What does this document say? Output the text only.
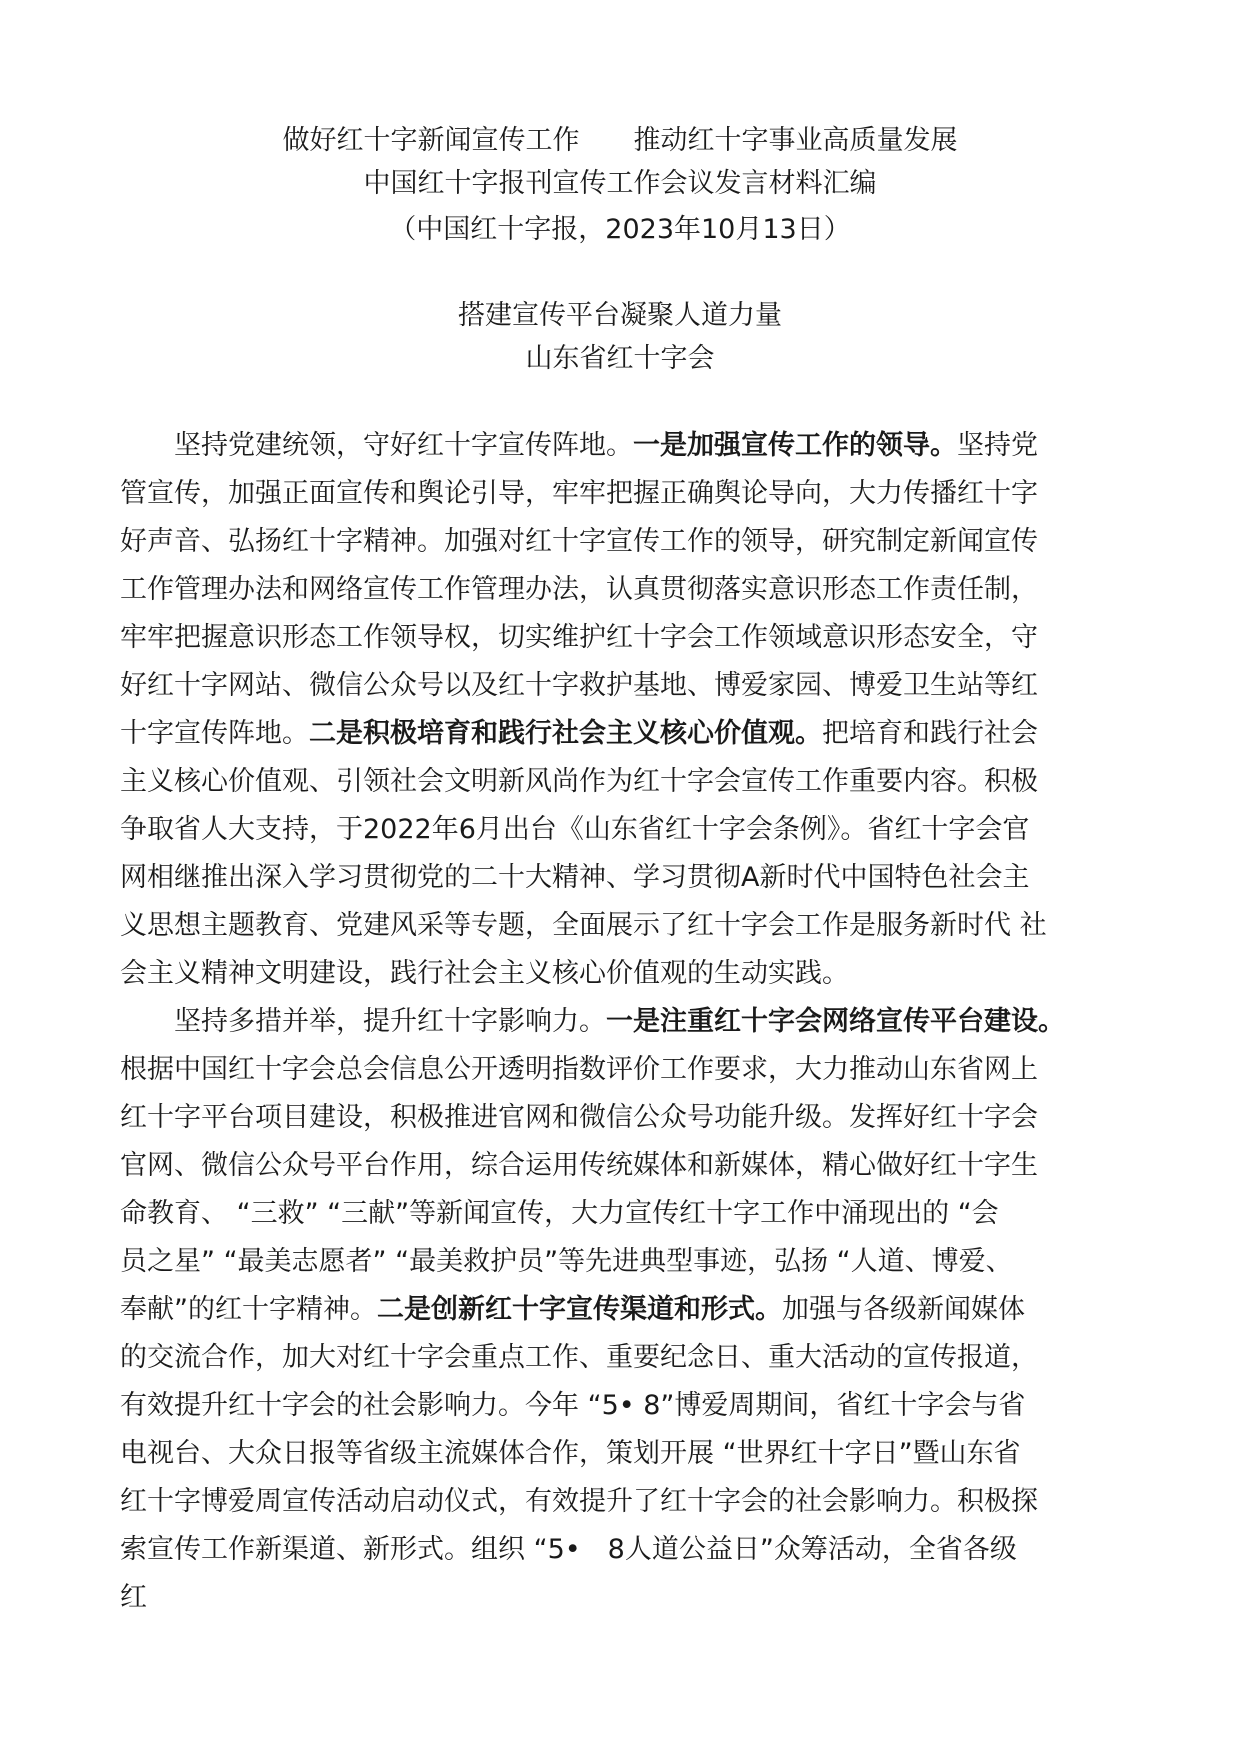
做好红十字新闻宣传工作　　推动红十字事业高质量发展
中国红十字报刊宣传工作会议发言材料汇编
（中国红十字报，2023年10月13日）
搭建宣传平台凝聚人道力量
山东省红十字会
坚持党建统领，守好红十字宣传阵地。一是加强宣传工作的领导。坚持党
管宣传，加强正面宣传和舆论引导，牢牢把握正确舆论导向，大力传播红十字
好声音、弘扬红十字精神。加强对红十字宣传工作的领导，研究制定新闻宣传
工作管理办法和网络宣传工作管理办法，认真贯彻落实意识形态工作责任制，
牢牢把握意识形态工作领导权，切实维护红十字会工作领域意识形态安全，守
好红十字网站、微信公众号以及红十字救护基地、博爱家园、博爱卫生站等红
十字宣传阵地。二是积极培育和践行社会主义核心价值观。把培育和践行社会
主义核心价值观、引领社会文明新风尚作为红十字会宣传工作重要内容。积极
争取省人大支持，于2022年6月出台《山东省红十字会条例》。省红十字会官
网相继推出深入学习贯彻党的二十大精神、学习贯彻A新时代中国特色社会主
义思想主题教育、党建风采等专题，全面展示了红十字会工作是服务新时代 社
会主义精神文明建设，践行社会主义核心价值观的生动实践。
坚持多措并举，提升红十字影响力。一是注重红十字会网络宣传平台建设。
根据中国红十字会总会信息公开透明指数评价工作要求，大力推动山东省网上
红十字平台项目建设，积极推进官网和微信公众号功能升级。发挥好红十字会
官网、微信公众号平台作用，综合运用传统媒体和新媒体，精心做好红十字生
命教育、 “三救” “三献”等新闻宣传，大力宣传红十字工作中涌现出的 “会
员之星” “最美志愿者” “最美救护员”等先进典型事迹，弘扬 “人道、博爱、
奉献”的红十字精神。二是创新红十字宣传渠道和形式。加强与各级新闻媒体
的交流合作，加大对红十字会重点工作、重要纪念日、重大活动的宣传报道，
有效提升红十字会的社会影响力。今年 “5• 8”博爱周期间，省红十字会与省
电视台、大众日报等省级主流媒体合作，策划开展 “世界红十字日”暨山东省
红十字博爱周宣传活动启动仪式，有效提升了红十字会的社会影响力。积极探
索宣传工作新渠道、新形式。组织 “5•　8人道公益日”众筹活动，全省各级
红
